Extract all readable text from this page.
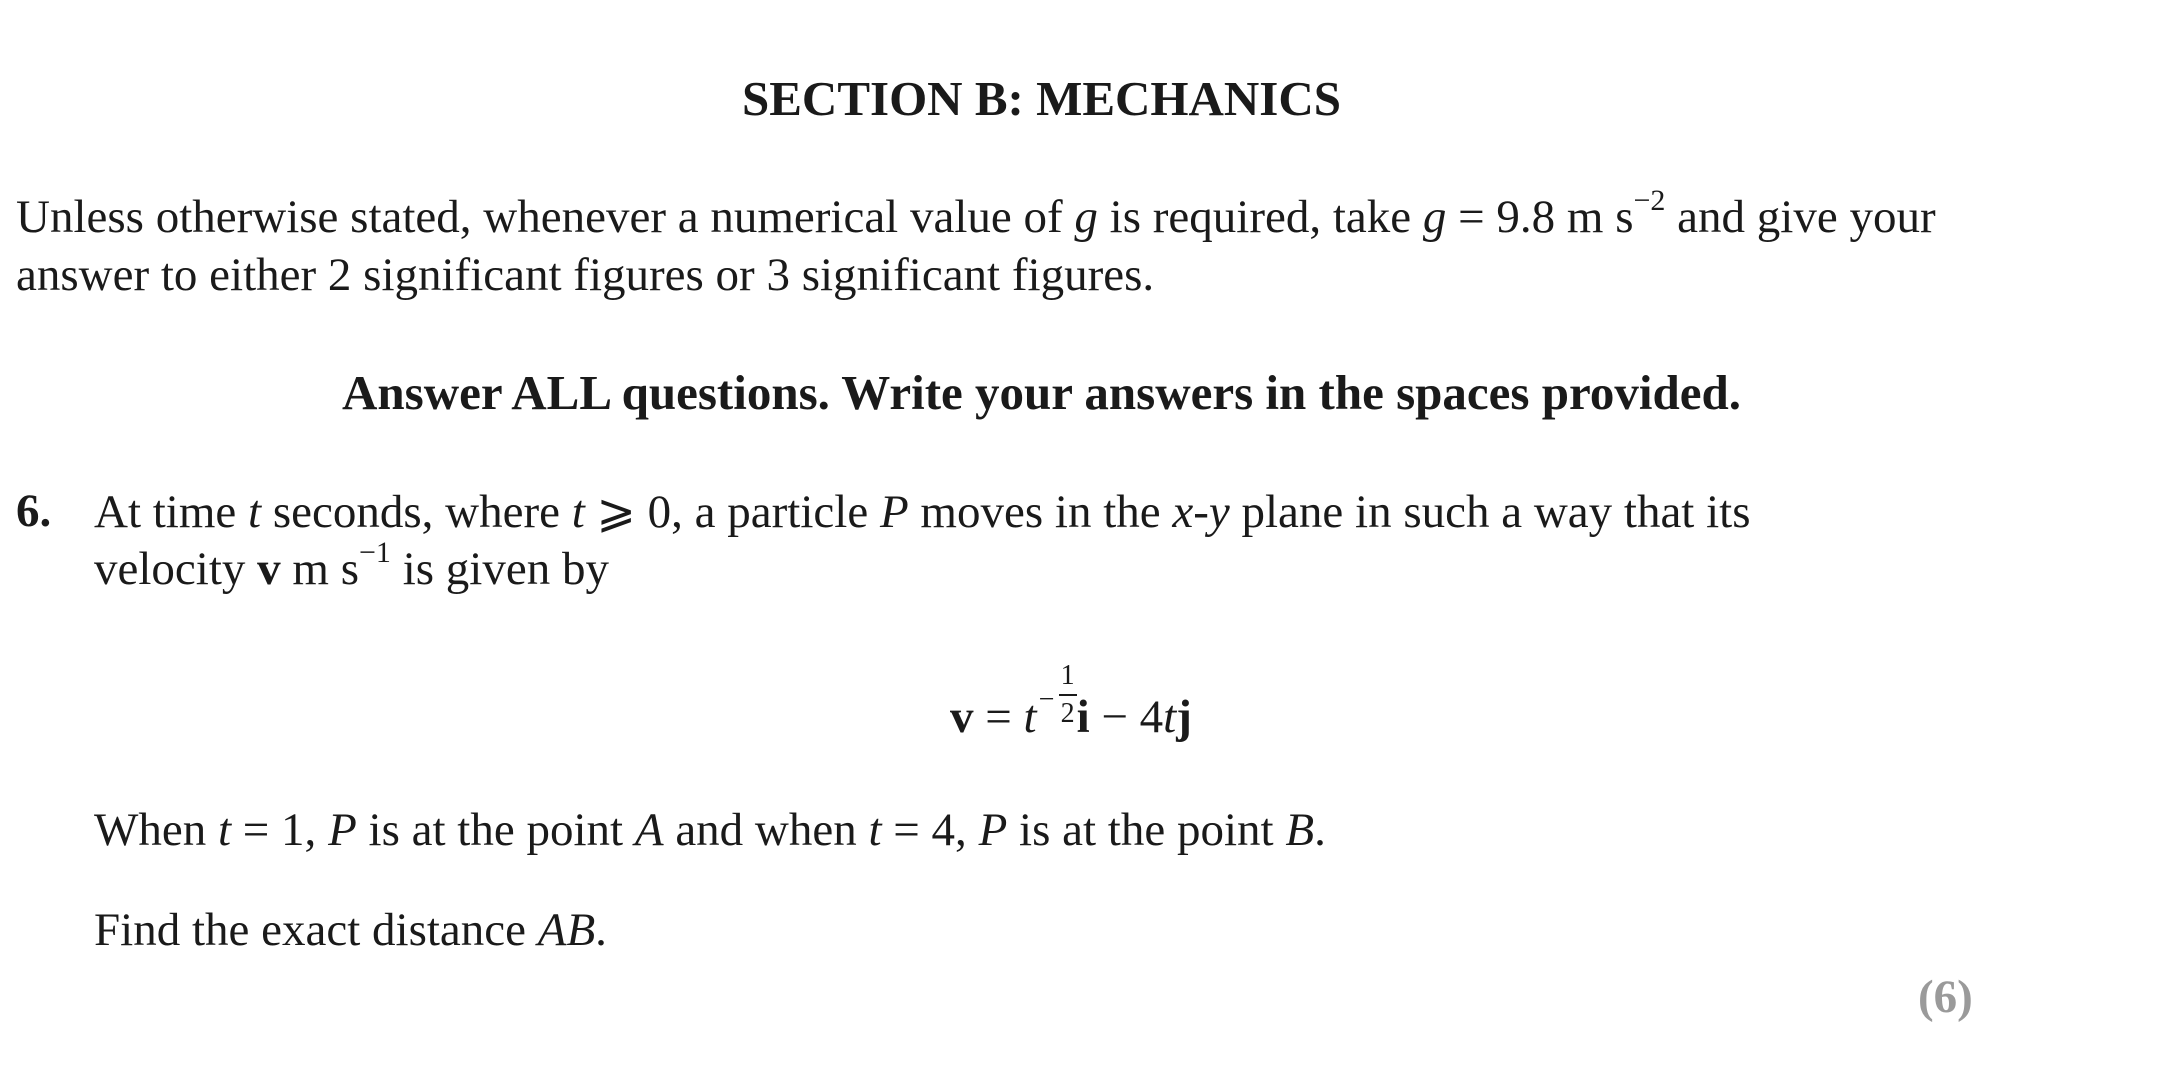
SECTION B: MECHANICS
Unless otherwise stated, whenever a numerical value of g is required, take g = 9.8 m $s^{-2}$ and give your
answer to either 2 significant figures or 3 significant figures.
Answer ALL questions. Write your answers in the spaces provided.
6. At time t seconds, where t ⩾ 0, a particle P moves in the x-y plane in such a way that its
velocity v m $s^{-1}$ is given by
v = t −
1
2 i − 4tj
When t = 1, P is at the point A and when t = 4, P is at the point B.
Find the exact distance AB.
(6)
